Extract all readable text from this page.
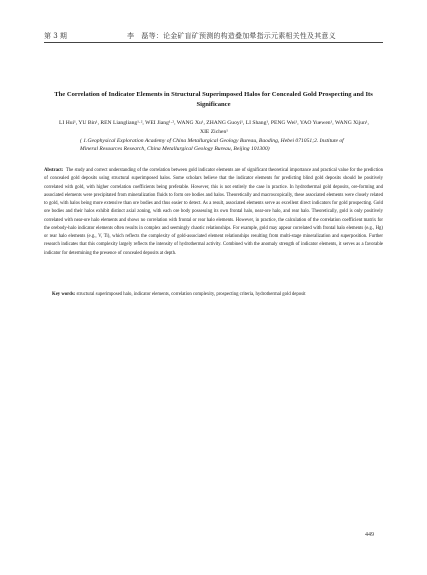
第 3 期	李　磊等：论金矿盲矿预测的构造叠加晕指示元素相关性及其意义
The Correlation of Indicator Elements in Structural Superimposed Halos for Concealed Gold Prospecting and Its Significance
LI Hui¹, YU Bin¹, REN Liangliang¹·², WEI Jiang¹·², WANG Xu¹, ZHANG Guoyi¹, LI Shang¹, PENG Wei¹, YAO Yuewen¹, WANG Xijun¹, XIE Zichen¹
( 1.Geophysical Exploration Academy of China Metallurgical Geology Bureau, Baoding, Hebei 071051;2. Institute of Mineral Resources Research, China Metallurgical Geology Bureau, Beijing 101300)
Abstract: The study and correct understanding of the correlation between gold indicator elements are of significant theoretical importance and practical value for the prediction of concealed gold deposits using structural superimposed halos. Some scholars believe that the indicator elements for predicting blind gold deposits should be positively correlated with gold, with higher correlation coefficients being preferable. However, this is not entirely the case in practice. In hydrothermal gold deposits, ore-forming and associated elements were precipitated from mineralization fluids to form ore bodies and halos. Theoretically and macroscopically, these associated elements were closely related to gold, with halos being more extensive than ore bodies and thus easier to detect. As a result, associated elements serve as excellent direct indicators for gold prospecting. Gold ore bodies and their halos exhibit distinct axial zoning, with each ore body possessing its own frontal halo, near-ore halo, and rear halo. Theoretically, gold is only positively correlated with near-ore halo elements and shows no correlation with frontal or rear halo elements. However, in practice, the calculation of the correlation coefficient matrix for the orebody-halo indicator elements often results in complex and seemingly chaotic relationships. For example, gold may appear correlated with frontal halo elements (e.g., Hg) or rear halo elements (e.g., V, Ti), which reflects the complexity of gold-associated element relationships resulting from multi-stage mineralization and superposition. Further research indicates that this complexity largely reflects the intensity of hydrothermal activity. Combined with the anomaly strength of indicator elements, it serves as a favorable indicator for determining the presence of concealed deposits at depth.
Key words: structural superimposed halo, indicator elements, correlation complexity, prospecting criteria, hydrothermal gold deposit
449
